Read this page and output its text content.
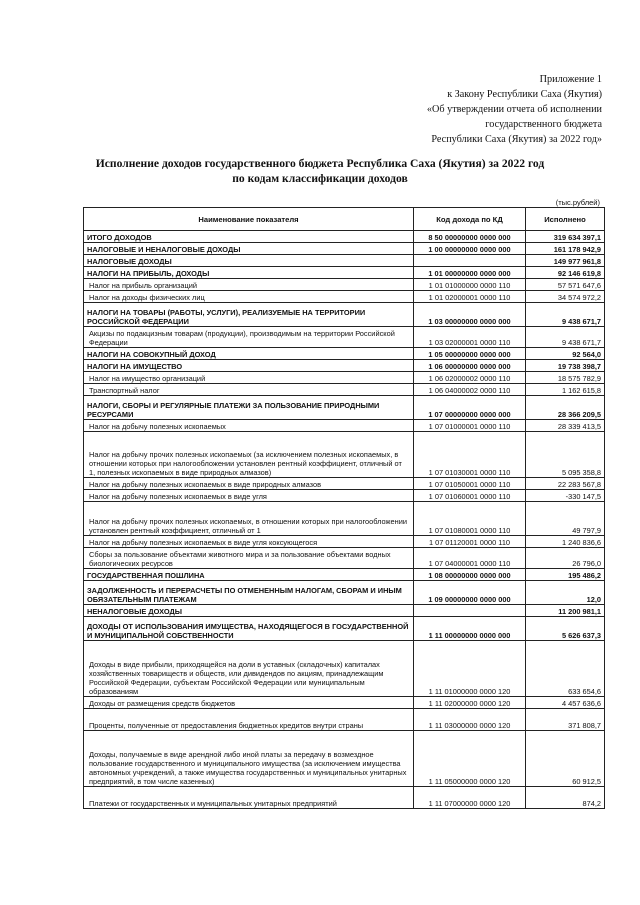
Приложение 1
к Закону Республики Саха (Якутия)
«Об утверждении отчета об исполнении
государственного бюджета
Республики Саха (Якутия) за 2022 год»
Исполнение доходов государственного бюджета Республика Саха (Якутия) за 2022 год
по кодам классификации доходов
(тыс.рублей)
Наименование показателя	Код дохода по КД	Исполнено
ИТОГО ДОХОДОВ	8 50 00000000 0000 000	319 634 397,1
НАЛОГОВЫЕ И НЕНАЛОГОВЫЕ ДОХОДЫ	1 00 00000000 0000 000	161 178 942,9
НАЛОГОВЫЕ ДОХОДЫ		149 977 961,8
НАЛОГИ НА ПРИБЫЛЬ, ДОХОДЫ	1 01 00000000 0000 000	92 146 619,8
Налог на прибыль организаций	1 01 01000000 0000 110	57 571 647,6
Налог на доходы физических лиц	1 01 02000001 0000 110	34 574 972,2
НАЛОГИ НА ТОВАРЫ (РАБОТЫ, УСЛУГИ), РЕАЛИЗУЕМЫЕ НА ТЕРРИТОРИИ РОССИЙСКОЙ ФЕДЕРАЦИИ	1 03 00000000 0000 000	9 438 671,7
Акцизы по подакцизным товарам (продукции), производимым на территории Российской Федерации	1 03 02000001 0000 110	9 438 671,7
НАЛОГИ НА СОВОКУПНЫЙ ДОХОД	1 05 00000000 0000 000	92 564,0
НАЛОГИ НА ИМУЩЕСТВО	1 06 00000000 0000 000	19 738 398,7
Налог на имущество организаций	1 06 02000002 0000 110	18 575 782,9
Транспортный налог	1 06 04000002 0000 110	1 162 615,8
НАЛОГИ, СБОРЫ И РЕГУЛЯРНЫЕ ПЛАТЕЖИ ЗА ПОЛЬЗОВАНИЕ ПРИРОДНЫМИ РЕСУРСАМИ	1 07 00000000 0000 000	28 366 209,5
Налог на добычу полезных ископаемых	1 07 01000001 0000 110	28 339 413,5
Налог на добычу прочих полезных ископаемых (за исключением полезных ископаемых, в отношении которых при налогообложении установлен рентный коэффициент, отличный от 1, полезных ископаемых в виде природных алмазов)	1 07 01030001 0000 110	5 095 358,8
Налог на добычу полезных ископаемых в виде природных алмазов	1 07 01050001 0000 110	22 283 567,8
Налог на добычу полезных ископаемых в виде угля	1 07 01060001 0000 110	-330 147,5
Налог на добычу прочих полезных ископаемых, в отношении которых при налогообложении установлен рентный коэффициент, отличный от 1	1 07 01080001 0000 110	49 797,9
Налог на добычу полезных ископаемых в виде угля коксующегося	1 07 01120001 0000 110	1 240 836,6
Сборы за пользование объектами животного мира и за пользование объектами водных биологических ресурсов	1 07 04000001 0000 110	26 796,0
ГОСУДАРСТВЕННАЯ ПОШЛИНА	1 08 00000000 0000 000	195 486,2
ЗАДОЛЖЕННОСТЬ И ПЕРЕРАСЧЕТЫ ПО ОТМЕНЕННЫМ НАЛОГАМ, СБОРАМ И ИНЫМ ОБЯЗАТЕЛЬНЫМ ПЛАТЕЖАМ	1 09 00000000 0000 000	12,0
НЕНАЛОГОВЫЕ ДОХОДЫ		11 200 981,1
ДОХОДЫ ОТ ИСПОЛЬЗОВАНИЯ ИМУЩЕСТВА, НАХОДЯЩЕГОСЯ В ГОСУДАРСТВЕННОЙ И МУНИЦИПАЛЬНОЙ СОБСТВЕННОСТИ	1 11 00000000 0000 000	5 626 637,3
Доходы в виде прибыли, приходящейся на доли в уставных (складочных) капиталах хозяйственных товариществ и обществ, или дивидендов по акциям, принадлежащим Российской Федерации, субъектам Российской Федерации или муниципальным образованиям	1 11 01000000 0000 120	633 654,6
Доходы от размещения средств бюджетов	1 11 02000000 0000 120	4 457 636,6
Проценты, полученные от предоставления бюджетных кредитов внутри страны	1 11 03000000 0000 120	371 808,7
Доходы, получаемые в виде арендной либо иной платы за передачу в возмездное пользование государственного и муниципального имущества (за исключением имущества автономных учреждений, а также имущества государственных и муниципальных унитарных предприятий, в том числе казенных)	1 11 05000000 0000 120	60 912,5
Платежи от государственных и муниципальных унитарных предприятий	1 11 07000000 0000 120	874,2
